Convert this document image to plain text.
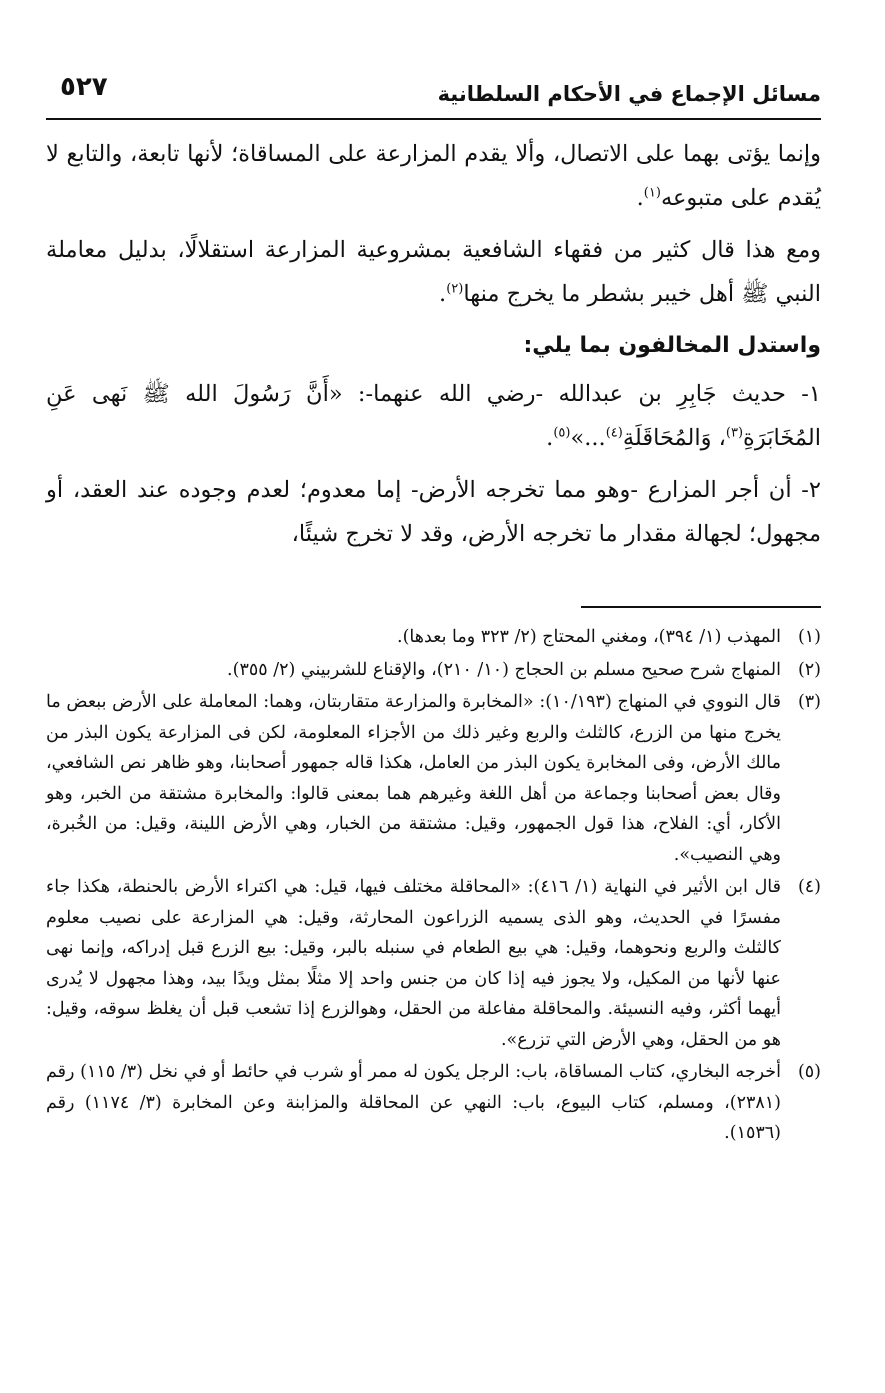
مسائل الإجماع في الأحكام السلطانية
٥٢٧

وإنما يؤتى بهما على الاتصال، وألا يقدم المزارعة على المساقاة؛ لأنها تابعة، والتابع لا يُقدم على متبوعه$^{(١)}$.

ومع هذا قال كثير من فقهاء الشافعية بمشروعية المزارعة استقلالًا، بدليل معاملة النبي ﷺ أهل خيبر بشطر ما يخرج منها$^{(٢)}$.

واستدل المخالفون بما يلي:

١- حديث جَابِرِ بن عبدالله -رضي الله عنهما-: «أَنَّ رَسُولَ الله ﷺ نَهى عَنِ المُخَابَرَةِ$^{(٣)}$، وَالمُحَاقَلَةِ$^{(٤)}$...»$^{(٥)}$.

٢- أن أجر المزارع -وهو مما تخرجه الأرض- إما معدوم؛ لعدم وجوده عند العقد، أو مجهول؛ لجهالة مقدار ما تخرجه الأرض، وقد لا تخرج شيئًا،

(١)
المهذب (١/ ٣٩٤)، ومغني المحتاج (٢/ ٣٢٣ وما بعدها).
(٢)
المنهاج شرح صحيح مسلم بن الحجاج (١٠/ ٢١٠)، والإقناع للشربيني (٢/ ٣٥٥).
(٣)
قال النووي في المنهاج (١٠/١٩٣): «المخابرة والمزارعة متقاربتان، وهما: المعاملة على الأرض ببعض ما يخرج منها من الزرع، كالثلث والربع وغير ذلك من الأجزاء المعلومة، لكن فى المزارعة يكون البذر من مالك الأرض، وفى المخابرة يكون البذر من العامل، هكذا قاله جمهور أصحابنا، وهو ظاهر نص الشافعي، وقال بعض أصحابنا وجماعة من أهل اللغة وغيرهم هما بمعنى قالوا: والمخابرة مشتقة من الخبر، وهو الأكار، أي: الفلاح، هذا قول الجمهور، وقيل: مشتقة من الخبار، وهي الأرض اللينة، وقيل: من الخُبرة، وهي النصيب».
(٤)
قال ابن الأثير في النهاية (١/ ٤١٦): «المحاقلة مختلف فيها، قيل: هي اكتراء الأرض بالحنطة، هكذا جاء مفسرًا في الحديث، وهو الذى يسميه الزراعون المحارثة، وقيل: هي المزارعة على نصيب معلوم كالثلث والربع ونحوهما، وقيل: هي بيع الطعام في سنبله بالبر، وقيل: بيع الزرع قبل إدراكه، وإنما نهى عنها لأنها من المكيل، ولا يجوز فيه إذا كان من جنس واحد إلا مثلًا بمثل ويدًا بيد، وهذا مجهول لا يُدرى أيهما أكثر، وفيه النسيئة. والمحاقلة مفاعلة من الحقل، وهوالزرع إذا تشعب قبل أن يغلظ سوقه، وقيل: هو من الحقل، وهي الأرض التي تزرع».
(٥)
أخرجه البخاري، كتاب المساقاة، باب: الرجل يكون له ممر أو شرب في حائط أو في نخل (٣/ ١١٥) رقم (٢٣٨١)، ومسلم، كتاب البيوع، باب: النهي عن المحاقلة والمزابنة وعن المخابرة (٣/ ١١٧٤) رقم (١٥٣٦).
